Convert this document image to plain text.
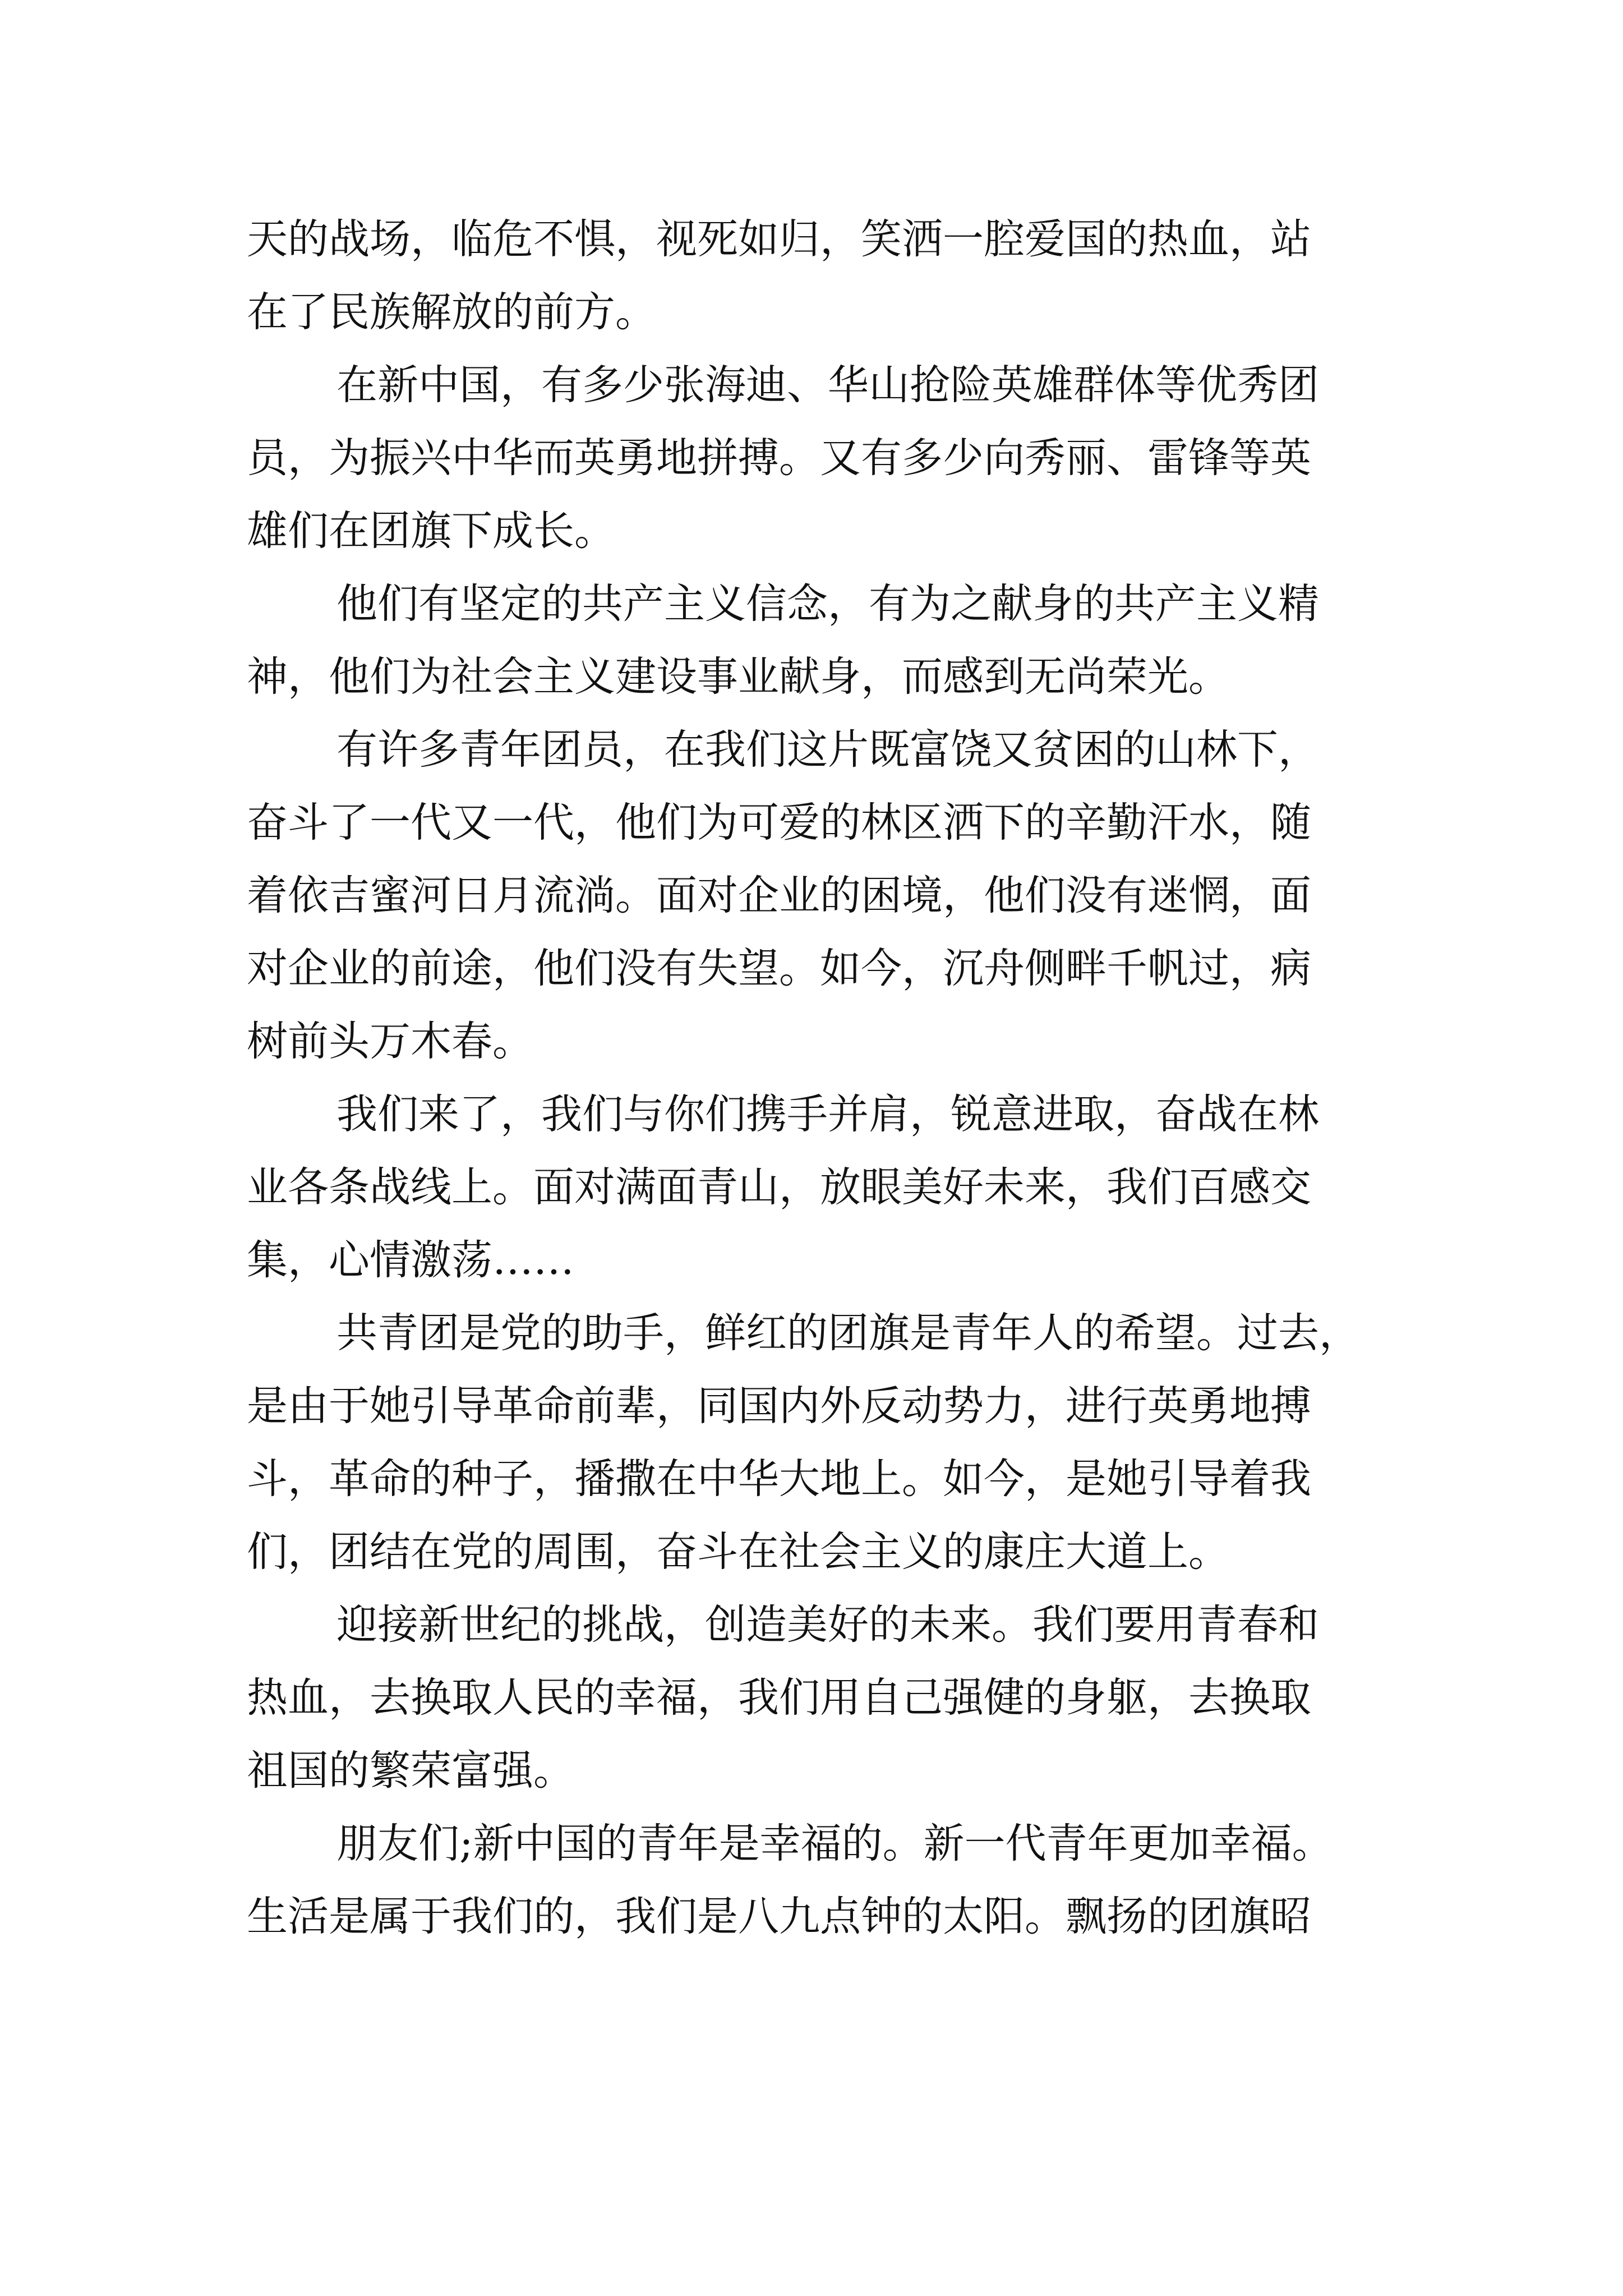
天的战场，临危不惧，视死如归，笑洒一腔爱国的热血，站
在了民族解放的前方。
在新中国，有多少张海迪、华山抢险英雄群体等优秀团
员，为振兴中华而英勇地拼搏。又有多少向秀丽、雷锋等英
雄们在团旗下成长。
他们有坚定的共产主义信念，有为之献身的共产主义精
神，他们为社会主义建设事业献身，而感到无尚荣光。
有许多青年团员，在我们这片既富饶又贫困的山林下，
奋斗了一代又一代，他们为可爱的林区洒下的辛勤汗水，随
着依吉蜜河日月流淌。面对企业的困境，他们没有迷惘，面
对企业的前途，他们没有失望。如今，沉舟侧畔千帆过，病
树前头万木春。
我们来了，我们与你们携手并肩，锐意进取，奋战在林
业各条战线上。面对满面青山，放眼美好未来，我们百感交
集，心情激荡……
共青团是党的助手，鲜红的团旗是青年人的希望。过去，
是由于她引导革命前辈，同国内外反动势力，进行英勇地搏
斗，革命的种子，播撒在中华大地上。如今，是她引导着我
们，团结在党的周围，奋斗在社会主义的康庄大道上。
迎接新世纪的挑战，创造美好的未来。我们要用青春和
热血，去换取人民的幸福，我们用自己强健的身躯，去换取
祖国的繁荣富强。
朋友们;新中国的青年是幸福的。新一代青年更加幸福。
生活是属于我们的，我们是八九点钟的太阳。飘扬的团旗昭
